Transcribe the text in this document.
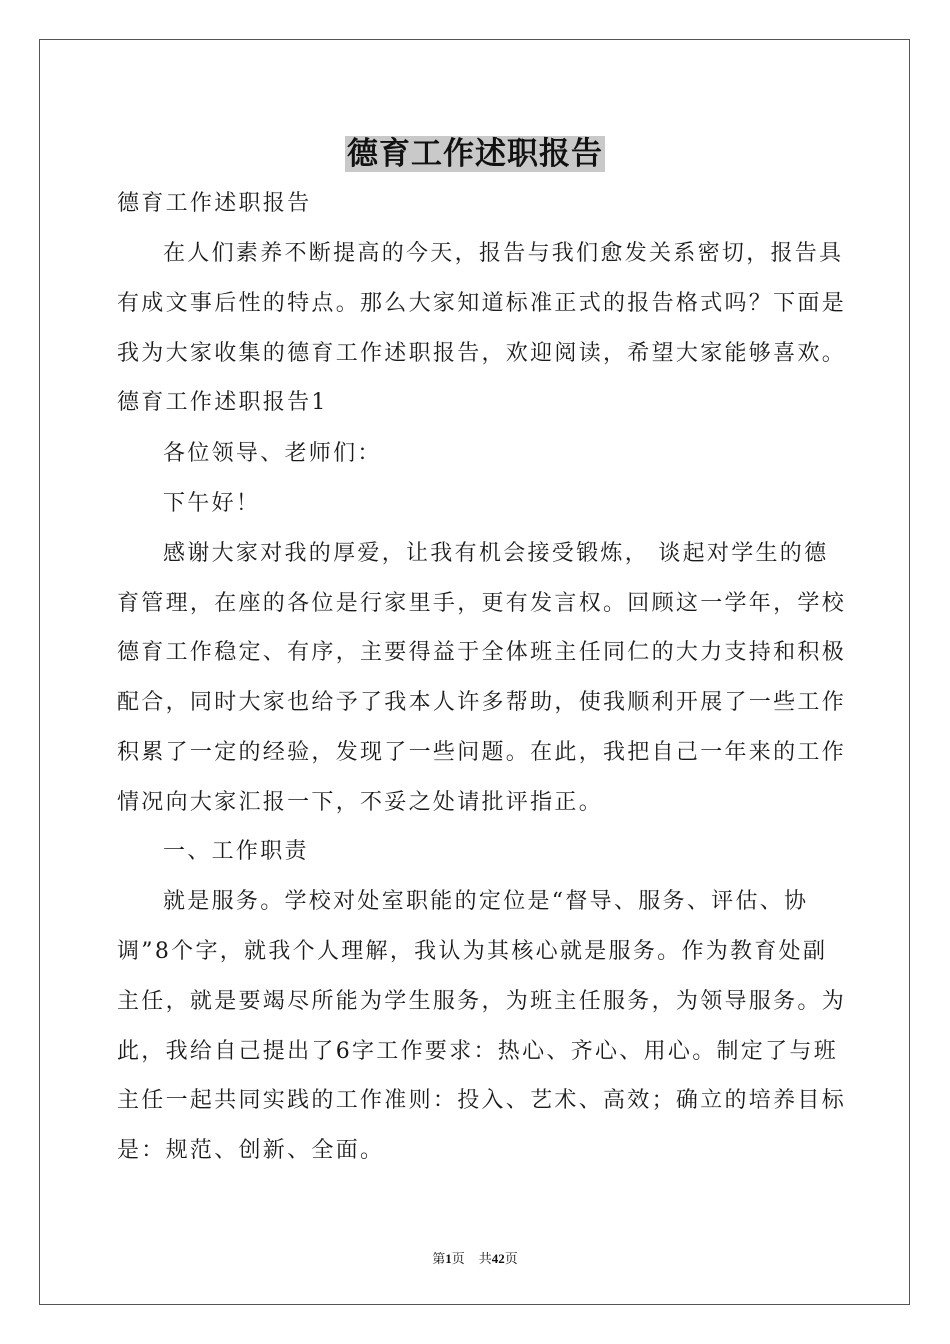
德育工作述职报告
德育工作述职报告
在人们素养不断提高的今天，报告与我们愈发关系密切，报告具
有成文事后性的特点。那么大家知道标准正式的报告格式吗？下面是
我为大家收集的德育工作述职报告，欢迎阅读，希望大家能够喜欢。
德育工作述职报告1
各位领导、老师们：
下午好！
感谢大家对我的厚爱，让我有机会接受锻炼， 谈起对学生的德
育管理，在座的各位是行家里手，更有发言权。回顾这一学年，学校
德育工作稳定、有序，主要得益于全体班主任同仁的大力支持和积极
配合，同时大家也给予了我本人许多帮助，使我顺利开展了一些工作
积累了一定的经验，发现了一些问题。在此，我把自己一年来的工作
情况向大家汇报一下，不妥之处请批评指正。
一、工作职责
就是服务。学校对处室职能的定位是“督导、服务、评估、协
调”8个字，就我个人理解，我认为其核心就是服务。作为教育处副
主任，就是要竭尽所能为学生服务，为班主任服务，为领导服务。为
此，我给自己提出了6字工作要求：热心、齐心、用心。制定了与班
主任一起共同实践的工作准则：投入、艺术、高效；确立的培养目标
是：规范、创新、全面。
第1页 共42页
